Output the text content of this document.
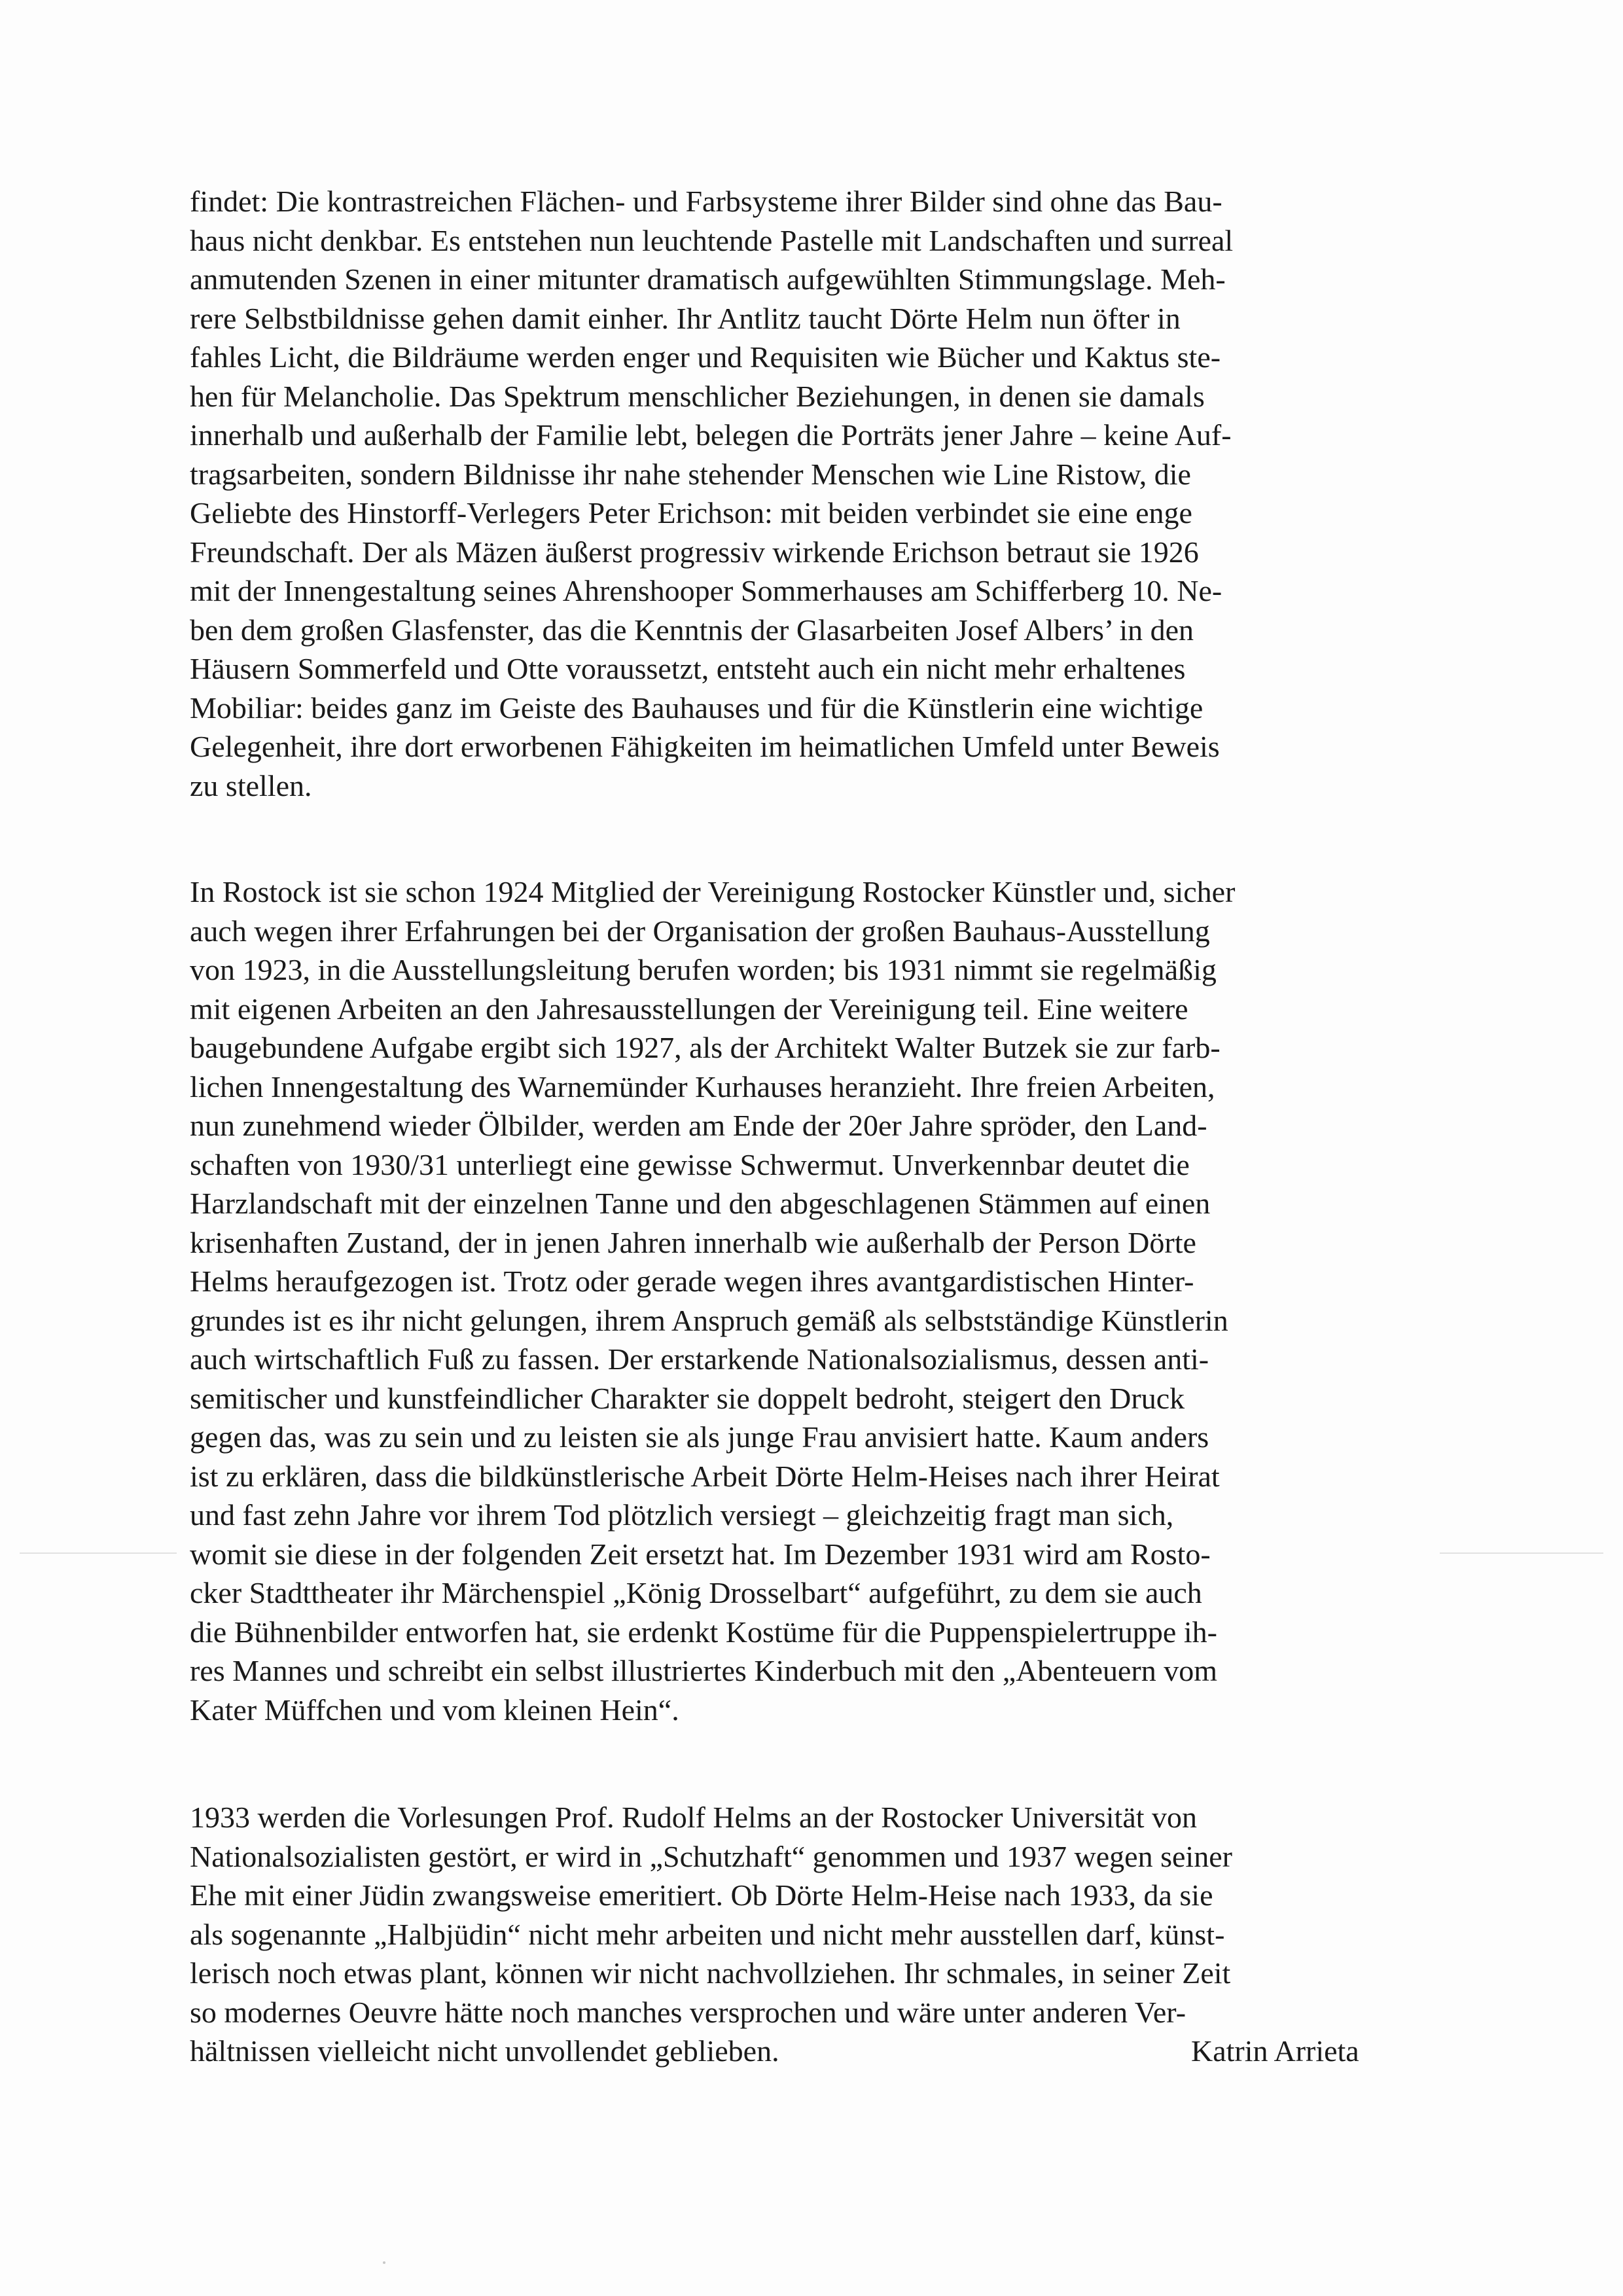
findet: Die kontrastreichen Flächen- und Farbsysteme ihrer Bilder sind ohne das Bau-
haus nicht denkbar. Es entstehen nun leuchtende Pastelle mit Landschaften und surreal
anmutenden Szenen in einer mitunter dramatisch aufgewühlten Stimmungslage. Meh-
rere Selbstbildnisse gehen damit einher. Ihr Antlitz taucht Dörte Helm nun öfter in
fahles Licht, die Bildräume werden enger und Requisiten wie Bücher und Kaktus ste-
hen für Melancholie. Das Spektrum menschlicher Beziehungen, in denen sie damals
innerhalb und außerhalb der Familie lebt, belegen die Porträts jener Jahre – keine Auf-
tragsarbeiten, sondern Bildnisse ihr nahe stehender Menschen wie Line Ristow, die
Geliebte des Hinstorff-Verlegers Peter Erichson: mit beiden verbindet sie eine enge
Freundschaft. Der als Mäzen äußerst progressiv wirkende Erichson betraut sie 1926
mit der Innengestaltung seines Ahrenshooper Sommerhauses am Schifferberg 10. Ne-
ben dem großen Glasfenster, das die Kenntnis der Glasarbeiten Josef Albers’ in den
Häusern Sommerfeld und Otte voraussetzt, entsteht auch ein nicht mehr erhaltenes
Mobiliar: beides ganz im Geiste des Bauhauses und für die Künstlerin eine wichtige
Gelegenheit, ihre dort erworbenen Fähigkeiten im heimatlichen Umfeld unter Beweis
zu stellen.
In Rostock ist sie schon 1924 Mitglied der Vereinigung Rostocker Künstler und, sicher
auch wegen ihrer Erfahrungen bei der Organisation der großen Bauhaus-Ausstellung
von 1923, in die Ausstellungsleitung berufen worden; bis 1931 nimmt sie regelmäßig
mit eigenen Arbeiten an den Jahresausstellungen der Vereinigung teil. Eine weitere
baugebundene Aufgabe ergibt sich 1927, als der Architekt Walter Butzek sie zur farb-
lichen Innengestaltung des Warnemünder Kurhauses heranzieht. Ihre freien Arbeiten,
nun zunehmend wieder Ölbilder, werden am Ende der 20er Jahre spröder, den Land-
schaften von 1930/31 unterliegt eine gewisse Schwermut. Unverkennbar deutet die
Harzlandschaft mit der einzelnen Tanne und den abgeschlagenen Stämmen auf einen
krisenhaften Zustand, der in jenen Jahren innerhalb wie außerhalb der Person Dörte
Helms heraufgezogen ist. Trotz oder gerade wegen ihres avantgardistischen Hinter-
grundes ist es ihr nicht gelungen, ihrem Anspruch gemäß als selbstständige Künstlerin
auch wirtschaftlich Fuß zu fassen. Der erstarkende Nationalsozialismus, dessen anti-
semitischer und kunstfeindlicher Charakter sie doppelt bedroht, steigert den Druck
gegen das, was zu sein und zu leisten sie als junge Frau anvisiert hatte. Kaum anders
ist zu erklären, dass die bildkünstlerische Arbeit Dörte Helm-Heises nach ihrer Heirat
und fast zehn Jahre vor ihrem Tod plötzlich versiegt – gleichzeitig fragt man sich,
womit sie diese in der folgenden Zeit ersetzt hat. Im Dezember 1931 wird am Rosto-
cker Stadttheater ihr Märchenspiel „König Drosselbart“ aufgeführt, zu dem sie auch
die Bühnenbilder entworfen hat, sie erdenkt Kostüme für die Puppenspielertruppe ih-
res Mannes und schreibt ein selbst illustriertes Kinderbuch mit den „Abenteuern vom
Kater Müffchen und vom kleinen Hein“.
1933 werden die Vorlesungen Prof. Rudolf Helms an der Rostocker Universität von
Nationalsozialisten gestört, er wird in „Schutzhaft“ genommen und 1937 wegen seiner
Ehe mit einer Jüdin zwangsweise emeritiert. Ob Dörte Helm-Heise nach 1933, da sie
als sogenannte „Halbjüdin“ nicht mehr arbeiten und nicht mehr ausstellen darf, künst-
lerisch noch etwas plant, können wir nicht nachvollziehen. Ihr schmales, in seiner Zeit
so modernes Oeuvre hätte noch manches versprochen und wäre unter anderen Ver-
hältnissen vielleicht nicht unvollendet geblieben.	Katrin Arrieta
